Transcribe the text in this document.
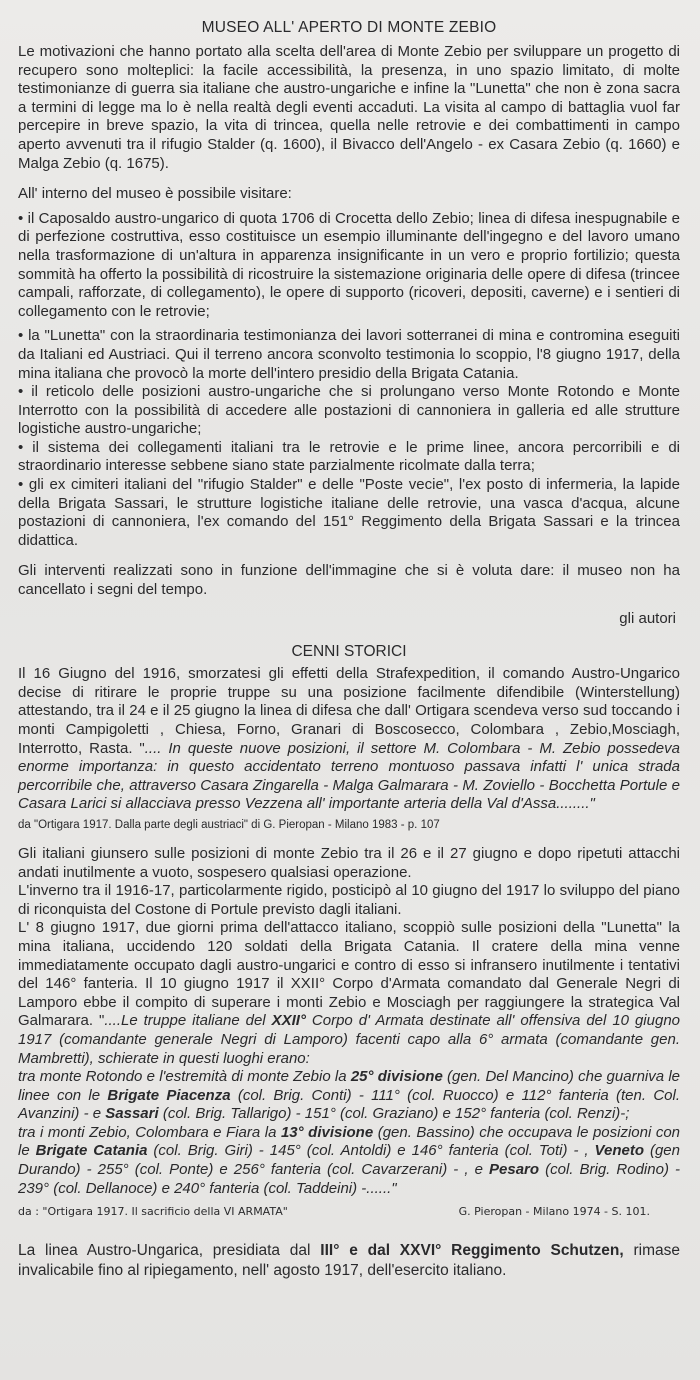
MUSEO ALL' APERTO DI MONTE ZEBIO

Le motivazioni che hanno portato alla scelta dell'area di Monte Zebio per sviluppare un progetto di recupero sono molteplici: la facile accessibilità, la presenza, in uno spazio limitato, di molte testimonianze di guerra sia italiane che austro-ungariche e infine la "Lunetta" che non è zona sacra a termini di legge ma lo è nella realtà degli eventi accaduti. La visita al campo di battaglia vuol far percepire in breve spazio, la vita di trincea, quella nelle retrovie e dei combattimenti in campo aperto avvenuti tra il rifugio Stalder (q. 1600), il Bivacco dell'Angelo - ex Casara Zebio (q. 1660) e Malga Zebio (q. 1675).

All' interno del museo è possibile visitare:

• il Caposaldo austro-ungarico di quota 1706 di Crocetta dello Zebio; linea di difesa inespugnabile e di perfezione costruttiva, esso costituisce un esempio illuminante dell'ingegno e del lavoro umano nella trasformazione di un'altura in apparenza insignificante in un vero e proprio fortilizio; questa sommità ha offerto la possibilità di ricostruire la sistemazione originaria delle opere di difesa (trincee campali, rafforzate, di collegamento), le opere di supporto (ricoveri, depositi, caverne) e i sentieri di collegamento con le retrovie;

• la "Lunetta" con la straordinaria testimonianza dei lavori sotterranei di mina e contromina eseguiti da Italiani ed Austriaci. Qui il terreno ancora sconvolto testimonia lo scoppio, l'8 giugno 1917, della mina italiana che provocò la morte dell'intero presidio della Brigata Catania.

• il reticolo delle posizioni austro-ungariche che si prolungano verso Monte Rotondo e Monte Interrotto con la possibilità di accedere alle postazioni di cannoniera in galleria ed alle strutture logistiche austro-ungariche;

• il sistema dei collegamenti italiani tra le retrovie e le prime linee, ancora percorribili e di straordinario interesse sebbene siano state parzialmente ricolmate dalla terra;

• gli ex cimiteri italiani del "rifugio Stalder" e delle "Poste vecie", l'ex posto di infermeria, la lapide della Brigata Sassari, le strutture logistiche italiane delle retrovie, una vasca d'acqua, alcune postazioni di cannoniera, l'ex comando del 151° Reggimento della Brigata Sassari e la trincea didattica.

Gli interventi realizzati sono in funzione dell'immagine che si è voluta dare: il museo non ha cancellato i segni del tempo.

gli autori
CENNI STORICI

Il 16 Giugno del 1916, smorzatesi gli effetti della Strafexpedition, il comando Austro-Ungarico decise di ritirare le proprie truppe su una posizione facilmente difendibile (Winterstellung) attestando, tra il 24 e il 25 giugno la linea di difesa che dall' Ortigara scendeva verso sud toccando i monti Campigoletti , Chiesa, Forno, Granari di Boscosecco, Colombara , Zebio,Mosciagh, Interrotto, Rasta. ".... In queste nuove posizioni, il settore M. Colombara - M. Zebio possedeva enorme importanza: in questo accidentato terreno montuoso passava infatti l' unica strada percorribile che, attraverso Casara Zingarella - Malga Galmarara - M. Zoviello - Bocchetta Portule e Casara Larici si allacciava presso Vezzena all' importante arteria della Val d'Assa........"

da "Ortigara 1917. Dalla parte degli austriaci" di G. Pieropan - Milano 1983 - p. 107

Gli italiani giunsero sulle posizioni di monte Zebio tra il 26 e il 27 giugno e dopo ripetuti attacchi andati inutilmente a vuoto, sospesero qualsiasi operazione.

L'inverno tra il 1916-17, particolarmente rigido, posticipò al 10 giugno del 1917 lo sviluppo del piano di riconquista del Costone di Portule previsto dagli italiani.

L' 8 giugno 1917, due giorni prima dell'attacco italiano, scoppiò sulle posizioni della "Lunetta" la mina italiana, uccidendo 120 soldati della Brigata Catania. Il cratere della mina venne immediatamente occupato dagli austro-ungarici e contro di esso si infransero inutilmente i tentativi del 146° fanteria. Il 10 giugno 1917 il XXII° Corpo d'Armata comandato dal Generale Negri di Lamporo ebbe il compito di superare i monti Zebio e Mosciagh per raggiungere la strategica Val Galmarara. "....Le truppe italiane del XXII° Corpo d' Armata destinate all' offensiva del 10 giugno 1917 (comandante generale Negri di Lamporo) facenti capo alla 6° armata (comandante gen. Mambretti), schierate in questi luoghi erano:
tra monte Rotondo e l'estremità di monte Zebio la 25° divisione (gen. Del Mancino) che guarniva le linee con le Brigate Piacenza (col. Brig. Conti) - 111° (col. Ruocco) e 112° fanteria (ten. Col. Avanzini) - e Sassari (col. Brig. Tallarigo) - 151° (col. Graziano) e 152° fanteria (col. Renzi)-;
tra i monti Zebio, Colombara e Fiara la 13° divisione (gen. Bassino) che occupava le posizioni con le Brigate Catania (col. Brig. Giri) - 145° (col. Antoldi) e 146° fanteria (col. Toti) - , Veneto (gen Durando) - 255° (col. Ponte) e 256° fanteria (col. Cavarzerani) - , e Pesaro (col. Brig. Rodino) - 239° (col. Dellanoce) e 240° fanteria (col. Taddeini) -......"

da : "Ortigara 1917. Il sacrificio della VI ARMATA"	G. Pieropan - Milano 1974 - S. 101.

La linea Austro-Ungarica, presidiata dal III° e dal XXVI° Reggimento Schutzen, rimase invalicabile fino al ripiegamento, nell' agosto 1917, dell'esercito italiano.
